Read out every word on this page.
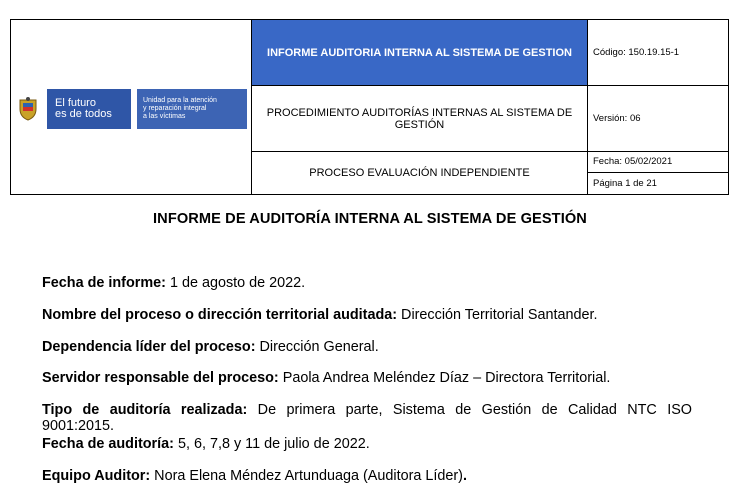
El futuro
es de todos
Unidad para la atención
y reparación integral
a las víctimas	INFORME AUDITORIA INTERNA AL SISTEMA DE GESTION	Código: 150.19.15-1
	PROCEDIMIENTO AUDITORÍAS INTERNAS AL SISTEMA DE GESTIÓN	Versión: 06
	PROCESO EVALUACIÓN INDEPENDIENTE	Fecha: 05/02/2021
Página 1 de 21
INFORME DE AUDITORÍA INTERNA AL SISTEMA DE GESTIÓN
Fecha de informe: 1 de agosto de 2022.
Nombre del proceso o dirección territorial auditada: Dirección Territorial Santander.
Dependencia líder del proceso: Dirección General.
Servidor responsable del proceso: Paola Andrea Meléndez Díaz – Directora Territorial.
Tipo de auditoría realizada: De primera parte, Sistema de Gestión de Calidad NTC ISO
9001:2015.
Fecha de auditoría: 5, 6, 7,8 y 11 de julio de 2022.
Equipo Auditor: Nora Elena Méndez Artunduaga (Auditora Líder).
